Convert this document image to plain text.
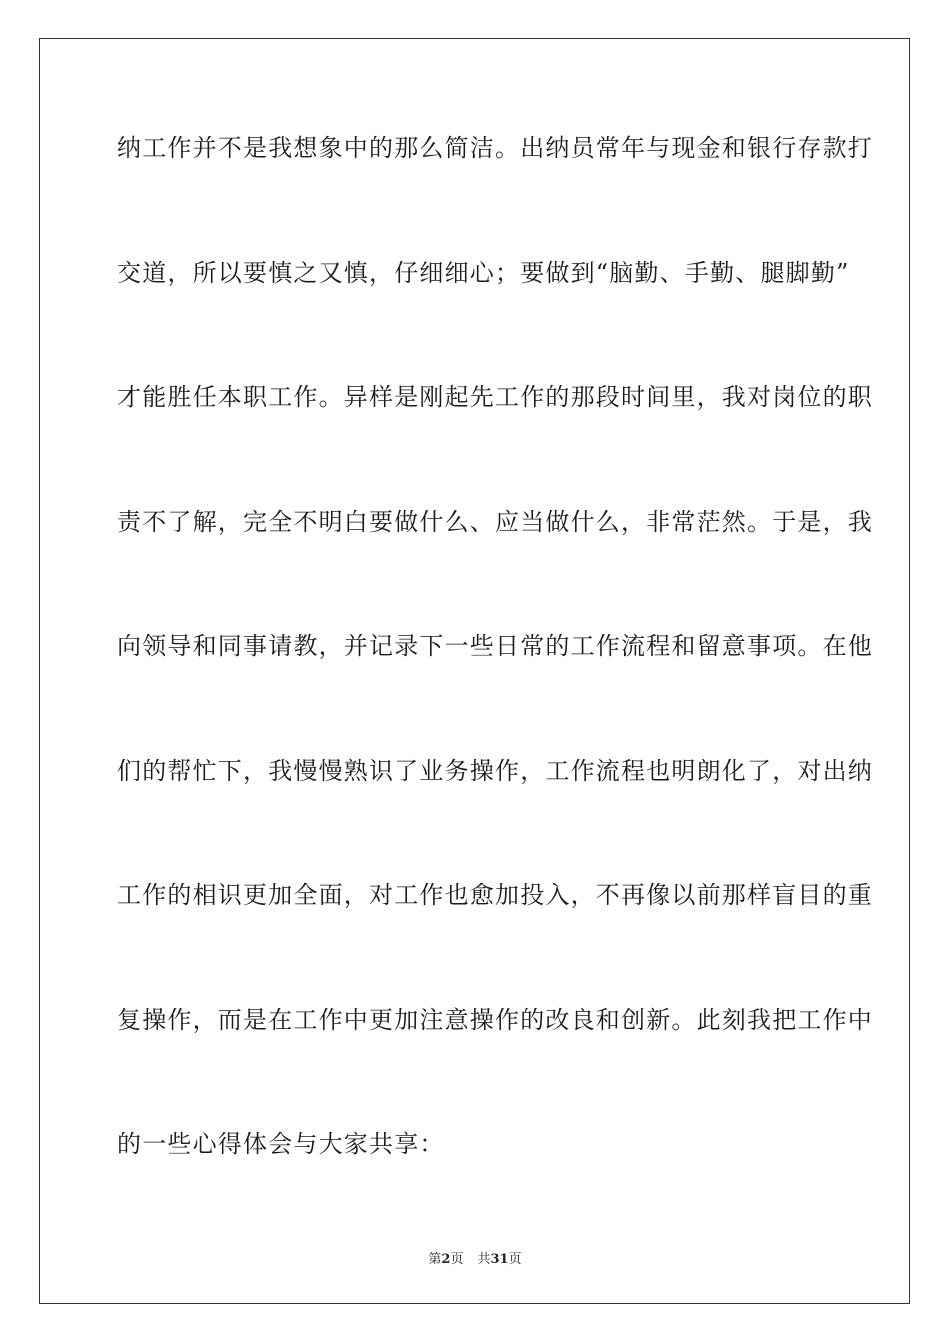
纳工作并不是我想象中的那么简洁。出纳员常年与现金和银行存款打
交道，所以要慎之又慎，仔细细心；要做到“脑勤、手勤、腿脚勤”
才能胜任本职工作。异样是刚起先工作的那段时间里，我对岗位的职
责不了解，完全不明白要做什么、应当做什么，非常茫然。于是，我
向领导和同事请教，并记录下一些日常的工作流程和留意事项。在他
们的帮忙下，我慢慢熟识了业务操作，工作流程也明朗化了，对出纳
工作的相识更加全面，对工作也愈加投入，不再像以前那样盲目的重
复操作，而是在工作中更加注意操作的改良和创新。此刻我把工作中
的一些心得体会与大家共享：
第2页 共31页
